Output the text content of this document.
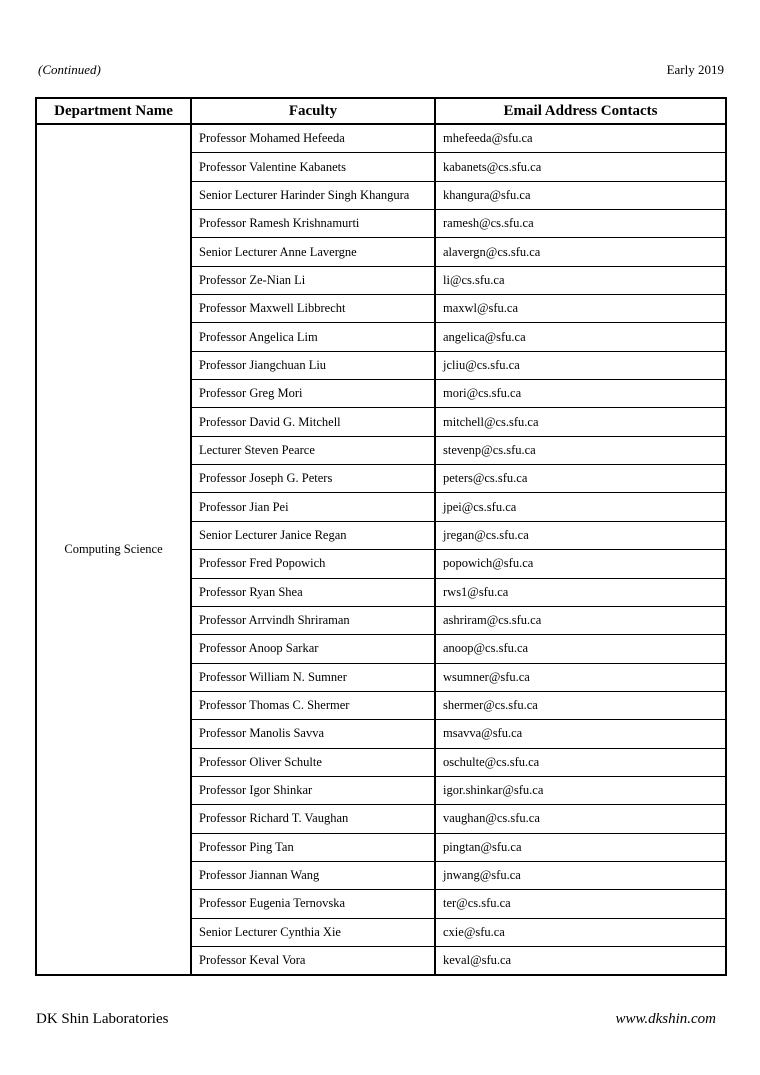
(Continued)	Early 2019
Department Name	Faculty	Email Address Contacts
Computing Science	Professor Mohamed Hefeeda	mhefeeda@sfu.ca
	Professor Valentine Kabanets	kabanets@cs.sfu.ca
	Senior Lecturer Harinder Singh Khangura	khangura@sfu.ca
	Professor Ramesh Krishnamurti	ramesh@cs.sfu.ca
	Senior Lecturer Anne Lavergne	alavergn@cs.sfu.ca
	Professor Ze-Nian Li	li@cs.sfu.ca
	Professor Maxwell Libbrecht	maxwl@sfu.ca
	Professor Angelica Lim	angelica@sfu.ca
	Professor Jiangchuan Liu	jcliu@cs.sfu.ca
	Professor Greg Mori	mori@cs.sfu.ca
	Professor David G. Mitchell	mitchell@cs.sfu.ca
	Lecturer Steven Pearce	stevenp@cs.sfu.ca
	Professor Joseph G. Peters	peters@cs.sfu.ca
	Professor Jian Pei	jpei@cs.sfu.ca
	Senior Lecturer Janice Regan	jregan@cs.sfu.ca
	Professor Fred Popowich	popowich@sfu.ca
	Professor Ryan Shea	rws1@sfu.ca
	Professor Arrvindh Shriraman	ashriram@cs.sfu.ca
	Professor Anoop Sarkar	anoop@cs.sfu.ca
	Professor William N. Sumner	wsumner@sfu.ca
	Professor Thomas C. Shermer	shermer@cs.sfu.ca
	Professor Manolis Savva	msavva@sfu.ca
	Professor Oliver Schulte	oschulte@cs.sfu.ca
	Professor Igor Shinkar	igor.shinkar@sfu.ca
	Professor Richard T. Vaughan	vaughan@cs.sfu.ca
	Professor Ping Tan	pingtan@sfu.ca
	Professor Jiannan Wang	jnwang@sfu.ca
	Professor Eugenia Ternovska	ter@cs.sfu.ca
	Senior Lecturer Cynthia Xie	cxie@sfu.ca
	Professor Keval Vora	keval@sfu.ca
DK Shin Laboratories	www.dkshin.com
